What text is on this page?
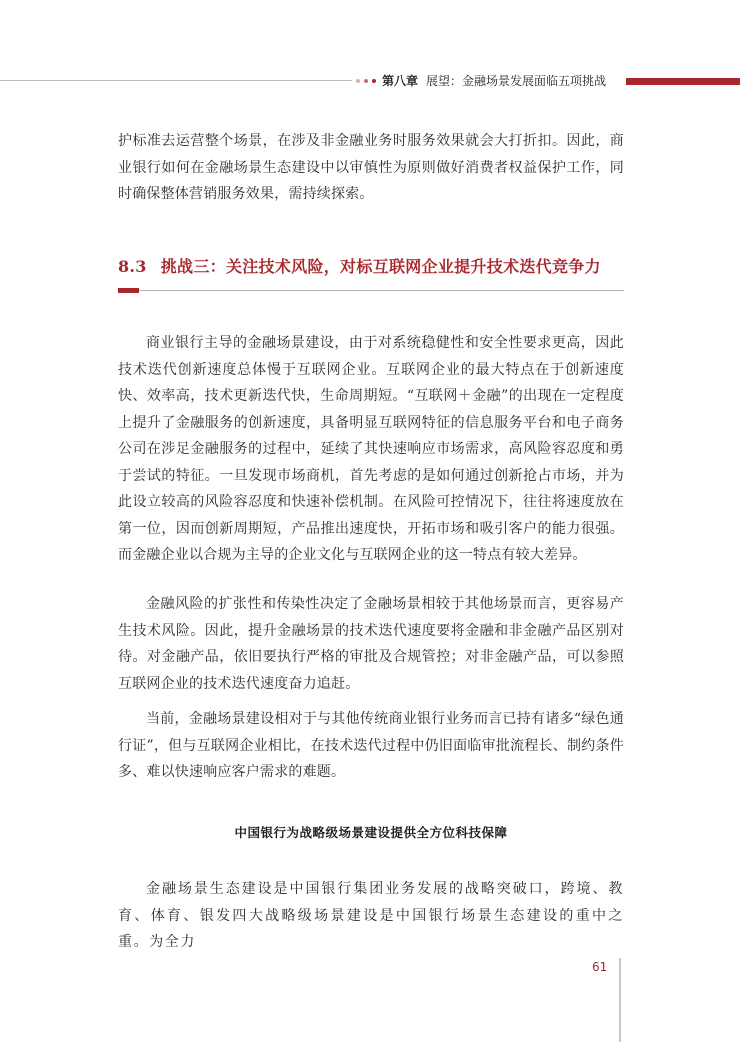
第八章 展望：金融场景发展面临五项挑战

护标准去运营整个场景，在涉及非金融业务时服务效果就会大打折扣。因此，商业银行如何在金融场景生态建设中以审慎性为原则做好消费者权益保护工作，同时确保整体营销服务效果，需持续探索。

8.3 挑战三：关注技术风险，对标互联网企业提升技术迭代竞争力

商业银行主导的金融场景建设，由于对系统稳健性和安全性要求更高，因此技术迭代创新速度总体慢于互联网企业。互联网企业的最大特点在于创新速度快、效率高，技术更新迭代快，生命周期短。“互联网＋金融”的出现在一定程度上提升了金融服务的创新速度，具备明显互联网特征的信息服务平台和电子商务公司在涉足金融服务的过程中，延续了其快速响应市场需求，高风险容忍度和勇于尝试的特征。一旦发现市场商机，首先考虑的是如何通过创新抢占市场，并为此设立较高的风险容忍度和快速补偿机制。在风险可控情况下，往往将速度放在第一位，因而创新周期短，产品推出速度快，开拓市场和吸引客户的能力很强。而金融企业以合规为主导的企业文化与互联网企业的这一特点有较大差异。

金融风险的扩张性和传染性决定了金融场景相较于其他场景而言，更容易产生技术风险。因此，提升金融场景的技术迭代速度要将金融和非金融产品区别对待。对金融产品，依旧要执行严格的审批及合规管控；对非金融产品，可以参照互联网企业的技术迭代速度奋力追赶。

当前，金融场景建设相对于与其他传统商业银行业务而言已持有诸多“绿色通行证”，但与互联网企业相比，在技术迭代过程中仍旧面临审批流程长、制约条件多、难以快速响应客户需求的难题。

中国银行为战略级场景建设提供全方位科技保障

金融场景生态建设是中国银行集团业务发展的战略突破口，跨境、教育、体育、银发四大战略级场景建设是中国银行场景生态建设的重中之重。为全力

61
